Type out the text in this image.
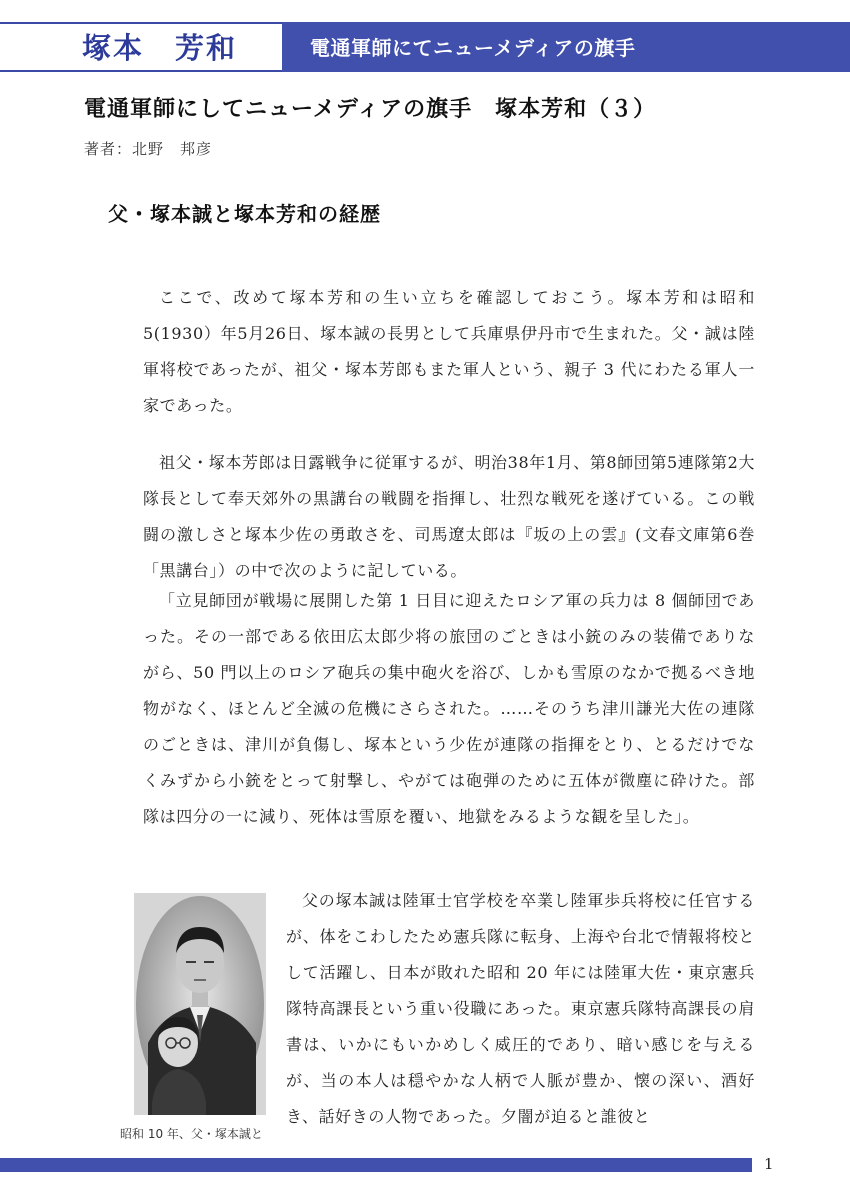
塚本　芳和	電通軍師にてニューメディアの旗手
電通軍師にしてニューメディアの旗手　塚本芳和（３）
著者：北野　邦彦
父・塚本誠と塚本芳和の経歴

ここで、改めて塚本芳和の生い立ちを確認しておこう。塚本芳和は昭和5(1930）年5月26日、塚本誠の長男として兵庫県伊丹市で生まれた。父・誠は陸軍将校であったが、祖父・塚本芳郎もまた軍人という、親子 3 代にわたる軍人一家であった。

祖父・塚本芳郎は日露戦争に従軍するが、明治38年1月、第8師団第5連隊第2大隊長として奉天郊外の黒講台の戦闘を指揮し、壮烈な戦死を遂げている。この戦闘の激しさと塚本少佐の勇敢さを、司馬遼太郎は『坂の上の雲』(文春文庫第6巻「黒講台」）の中で次のように記している。

「立見師団が戦場に展開した第 1 日目に迎えたロシア軍の兵力は 8 個師団であった。その一部である依田広太郎少将の旅団のごときは小銃のみの装備でありながら、50 門以上のロシア砲兵の集中砲火を浴び、しかも雪原のなかで拠るべき地物がなく、ほとんど全滅の危機にさらされた。……そのうち津川謙光大佐の連隊のごときは、津川が負傷し、塚本という少佐が連隊の指揮をとり、とるだけでなくみずから小銃をとって射撃し、やがては砲弾のために五体が微塵に砕けた。部隊は四分の一に減り、死体は雪原を覆い、地獄をみるような観を呈した」。

昭和 10 年、父・塚本誠と

父の塚本誠は陸軍士官学校を卒業し陸軍歩兵将校に任官するが、体をこわしたため憲兵隊に転身、上海や台北で情報将校として活躍し、日本が敗れた昭和 20 年には陸軍大佐・東京憲兵隊特高課長という重い役職にあった。東京憲兵隊特高課長の肩書は、いかにもいかめしく威圧的であり、暗い感じを与えるが、当の本人は穏やかな人柄で人脈が豊か、懐の深い、酒好き、話好きの人物であった。夕闇が迫ると誰彼と

1
